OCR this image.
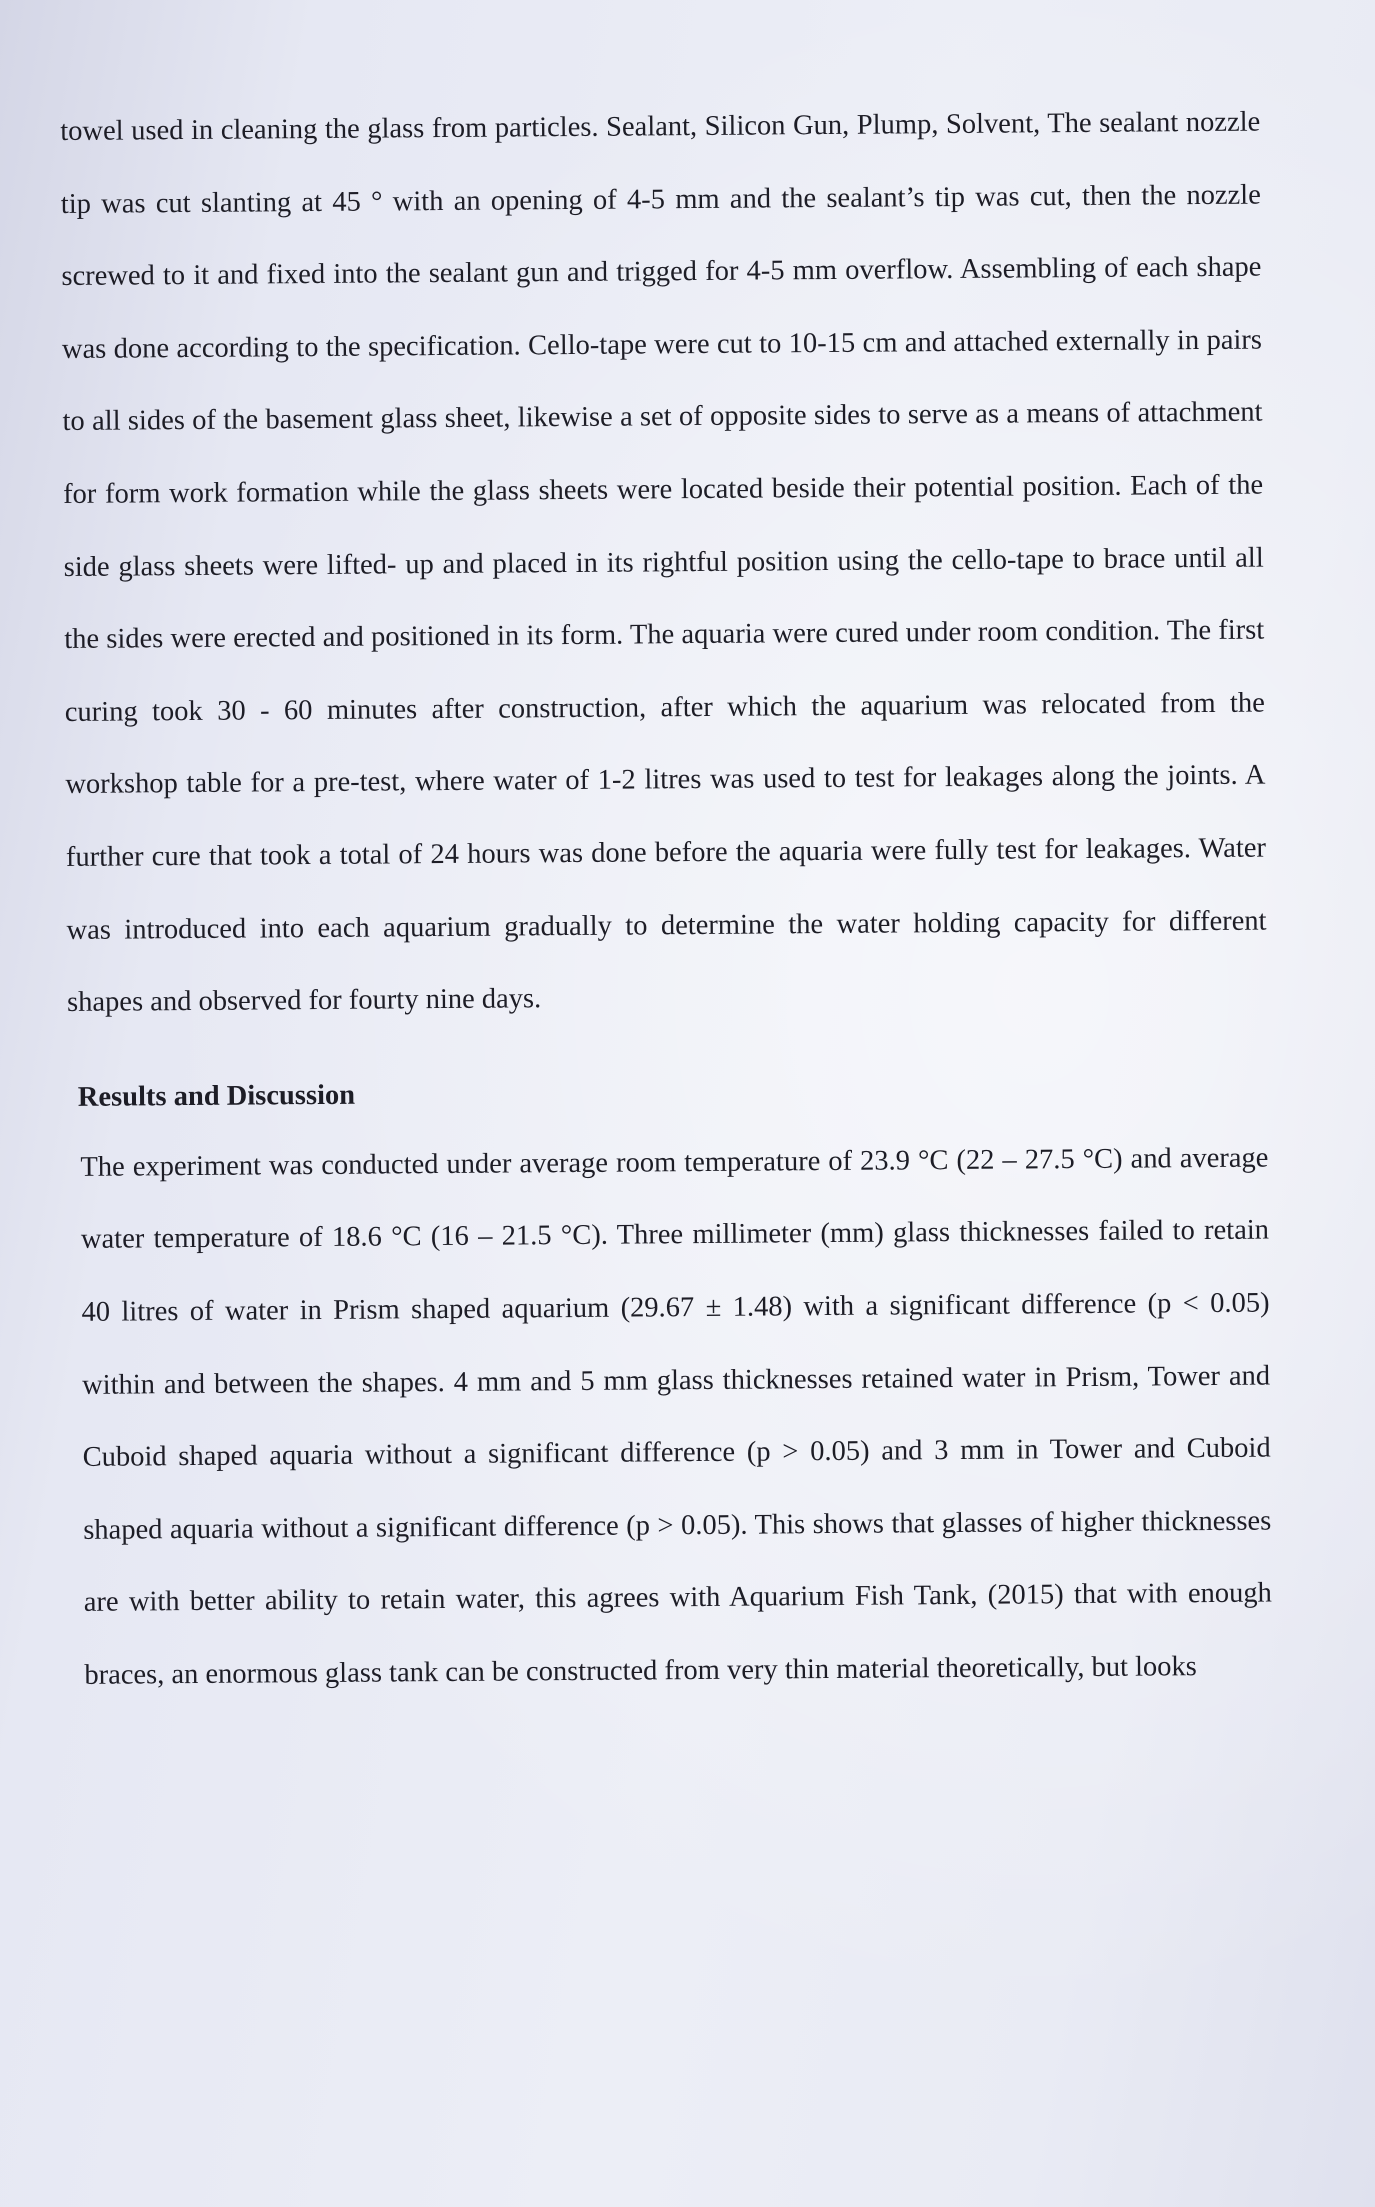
towel used in cleaning the glass from particles. Sealant, Silicon Gun, Plump, Solvent, The sealant nozzle tip was cut slanting at 45 ° with an opening of 4-5 mm and the sealant’s tip was cut, then the nozzle screwed to it and fixed into the sealant gun and trigged for 4-5 mm overflow. Assembling of each shape was done according to the specification. Cello-tape were cut to 10-15 cm and attached externally in pairs to all sides of the basement glass sheet, likewise a set of opposite sides to serve as a means of attachment for form work formation while the glass sheets were located beside their potential position. Each of the side glass sheets were lifted- up and placed in its rightful position using the cello-tape to brace until all the sides were erected and positioned in its form. The aquaria were cured under room condition. The first curing took 30 - 60 minutes after construction, after which the aquarium was relocated from the workshop table for a pre-test, where water of 1-2 litres was used to test for leakages along the joints. A further cure that took a total of 24 hours was done before the aquaria were fully test for leakages. Water was introduced into each aquarium gradually to determine the water holding capacity for different shapes and observed for fourty nine days.

Results and Discussion

The experiment was conducted under average room temperature of 23.9 °C (22 – 27.5 °C) and average water temperature of 18.6 °C (16 – 21.5 °C). Three millimeter (mm) glass thicknesses failed to retain 40 litres of water in Prism shaped aquarium (29.67 ± 1.48) with a significant difference (p < 0.05) within and between the shapes. 4 mm and 5 mm glass thicknesses retained water in Prism, Tower and Cuboid shaped aquaria without a significant difference (p > 0.05) and 3 mm in Tower and Cuboid shaped aquaria without a significant difference (p > 0.05). This shows that glasses of higher thicknesses are with better ability to retain water, this agrees with Aquarium Fish Tank, (2015) that with enough braces, an enormous glass tank can be constructed from very thin material theoretically, but looks
